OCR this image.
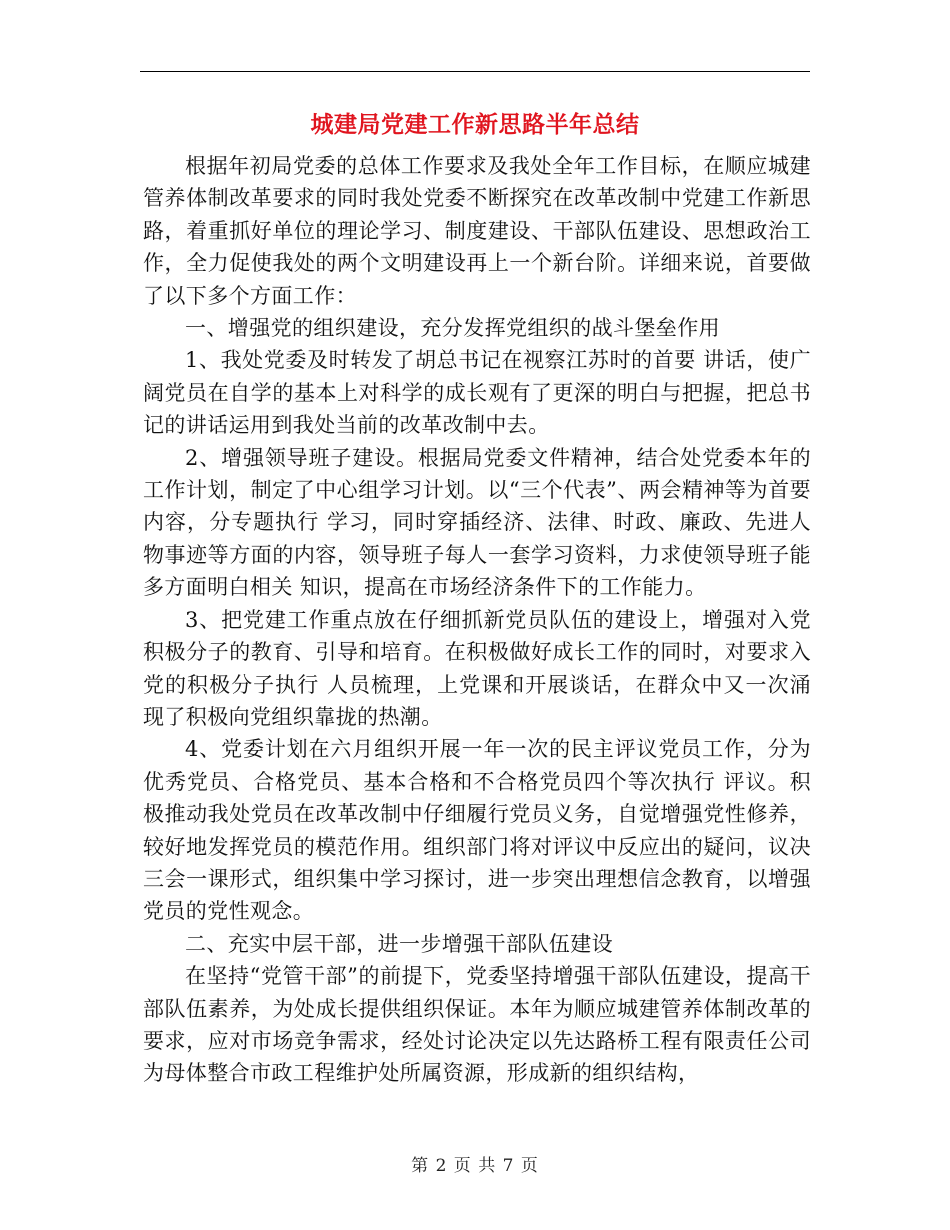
城建局党建工作新思路半年总结

根据年初局党委的总体工作要求及我处全年工作目标，在顺应城建管养体制改革要求的同时我处党委不断探究在改革改制中党建工作新思路，着重抓好单位的理论学习、制度建设、干部队伍建设、思想政治工作，全力促使我处的两个文明建设再上一个新台阶。详细来说，首要做了以下多个方面工作：

一、增强党的组织建设，充分发挥党组织的战斗堡垒作用

1、我处党委及时转发了胡总书记在视察江苏时的首要 讲话，使广阔党员在自学的基本上对科学的成长观有了更深的明白与把握，把总书记的讲话运用到我处当前的改革改制中去。

2、增强领导班子建设。根据局党委文件精神，结合处党委本年的工作计划，制定了中心组学习计划。以“三个代表”、两会精神等为首要内容，分专题执行 学习，同时穿插经济、法律、时政、廉政、先进人物事迹等方面的内容，领导班子每人一套学习资料，力求使领导班子能多方面明白相关 知识，提高在市场经济条件下的工作能力。

3、把党建工作重点放在仔细抓新党员队伍的建设上，增强对入党积极分子的教育、引导和培育。在积极做好成长工作的同时，对要求入党的积极分子执行 人员梳理，上党课和开展谈话，在群众中又一次涌现了积极向党组织靠拢的热潮。

4、党委计划在六月组织开展一年一次的民主评议党员工作，分为优秀党员、合格党员、基本合格和不合格党员四个等次执行 评议。积极推动我处党员在改革改制中仔细履行党员义务，自觉增强党性修养，较好地发挥党员的模范作用。组织部门将对评议中反应出的疑问，议决三会一课形式，组织集中学习探讨，进一步突出理想信念教育，以增强党员的党性观念。

二、充实中层干部，进一步增强干部队伍建设

在坚持“党管干部”的前提下，党委坚持增强干部队伍建设，提高干部队伍素养，为处成长提供组织保证。本年为顺应城建管养体制改革的要求，应对市场竞争需求，经处讨论决定以先达路桥工程有限责任公司为母体整合市政工程维护处所属资源，形成新的组织结构，

第 2 页 共 7 页
